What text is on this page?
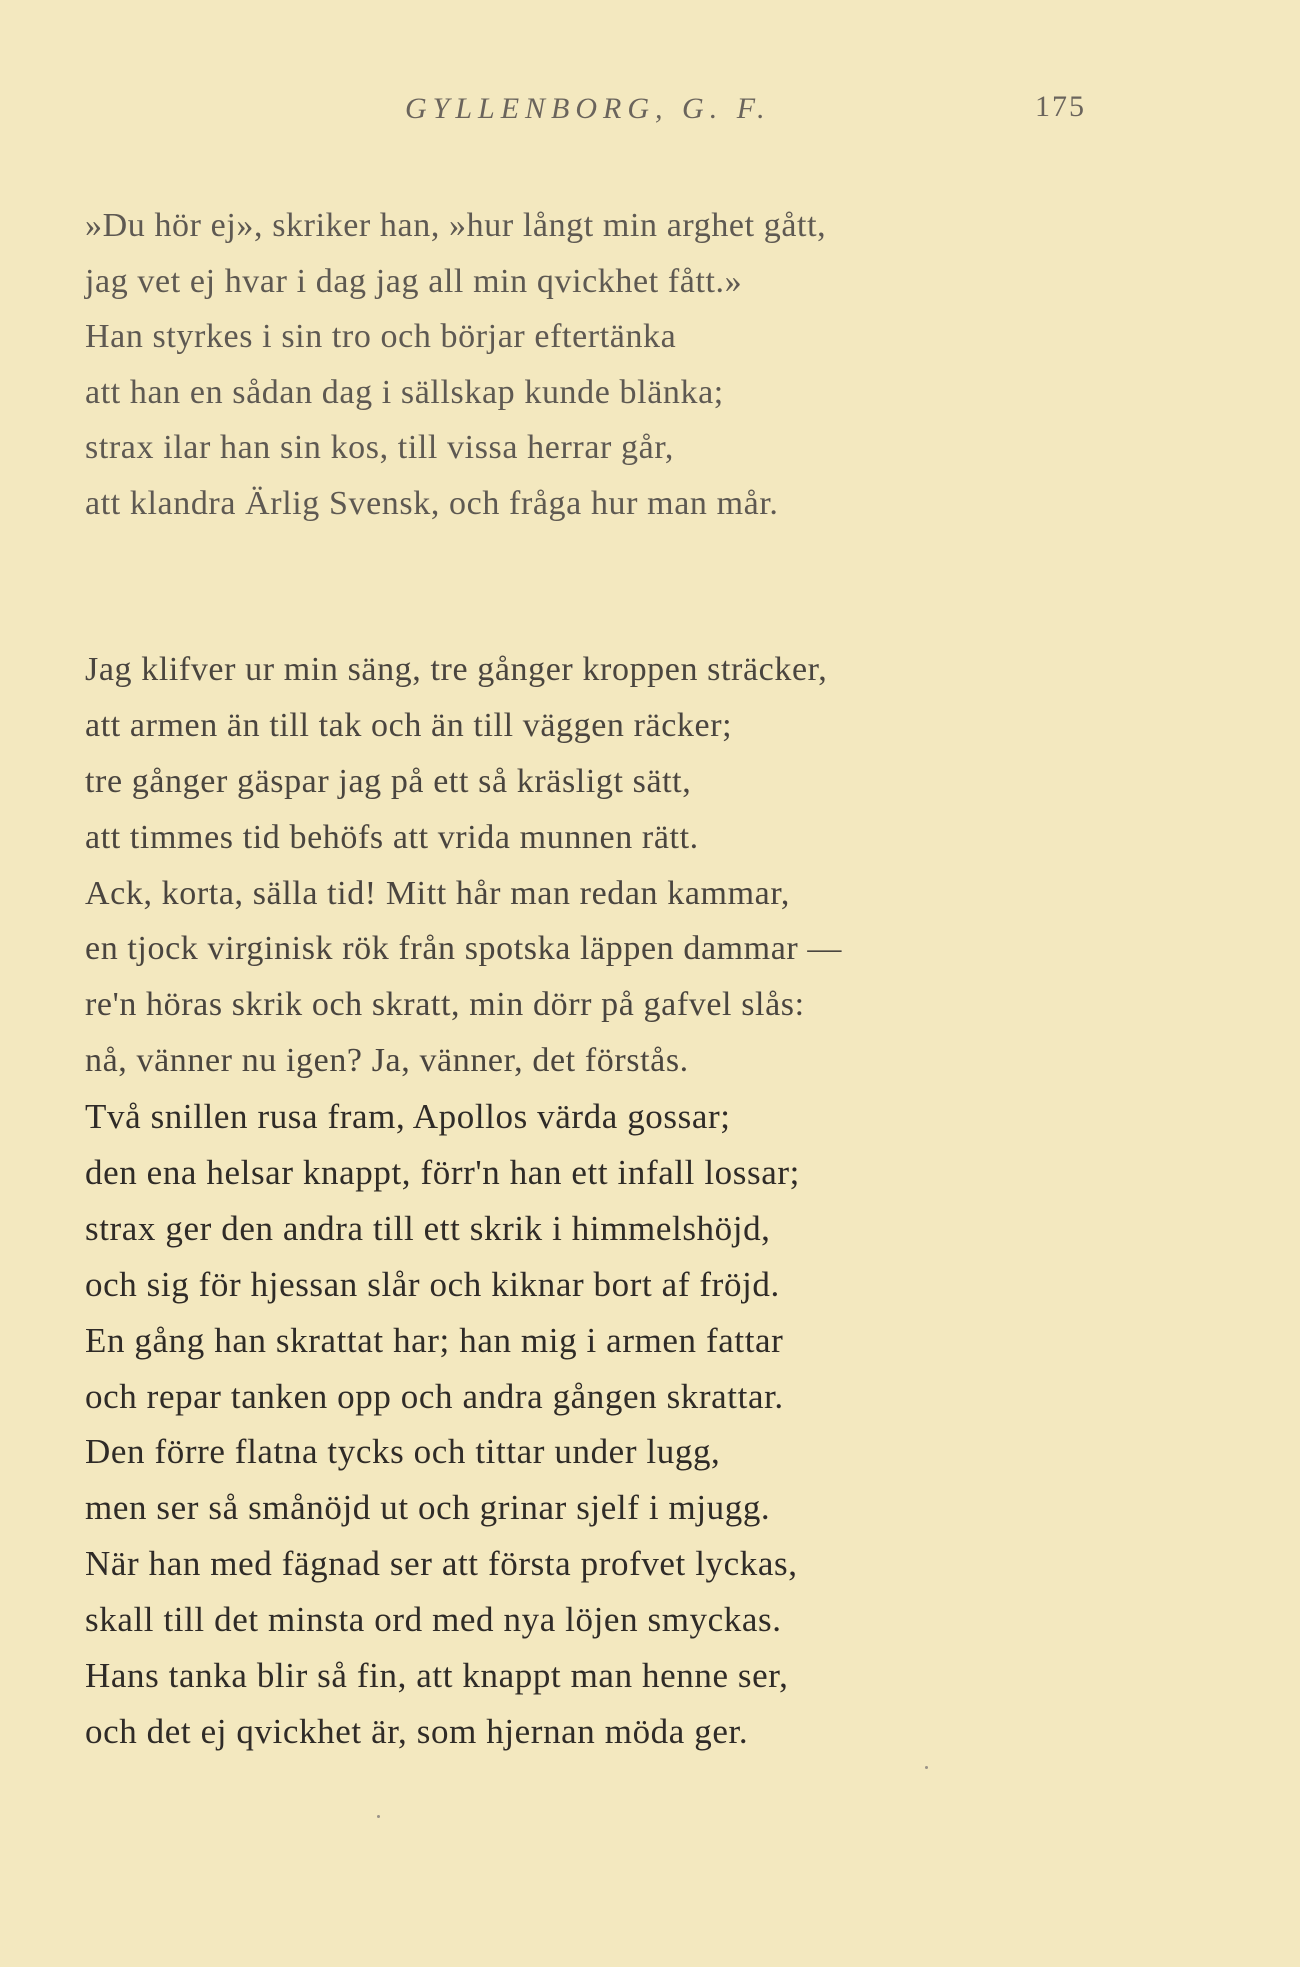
GYLLENBORG, G. F.	175
»Du hör ej», skriker han, »hur långt min arghet gått,
jag vet ej hvar i dag jag all min qvickhet fått.»
Han styrkes i sin tro och börjar eftertänka
att han en sådan dag i sällskap kunde blänka;
strax ilar han sin kos, till vissa herrar går,
att klandra Ärlig Svensk, och fråga hur man mår.
Jag klifver ur min säng, tre gånger kroppen sträcker,
att armen än till tak och än till väggen räcker;
tre gånger gäspar jag på ett så kräsligt sätt,
att timmes tid behöfs att vrida munnen rätt.
Ack, korta, sälla tid! Mitt hår man redan kammar,
en tjock virginisk rök från spotska läppen dammar —
re'n höras skrik och skratt, min dörr på gafvel slås:
nå, vänner nu igen? Ja, vänner, det förstås.
Två snillen rusa fram, Apollos värda gossar;
den ena helsar knappt, förr'n han ett infall lossar;
strax ger den andra till ett skrik i himmelshöjd,
och sig för hjessan slår och kiknar bort af fröjd.
En gång han skrattat har; han mig i armen fattar
och repar tanken opp och andra gången skrattar.
Den förre flatna tycks och tittar under lugg,
men ser så smånöjd ut och grinar sjelf i mjugg.
När han med fägnad ser att första profvet lyckas,
skall till det minsta ord med nya löjen smyckas.
Hans tanka blir så fin, att knappt man henne ser,
och det ej qvickhet är, som hjernan möda ger.
